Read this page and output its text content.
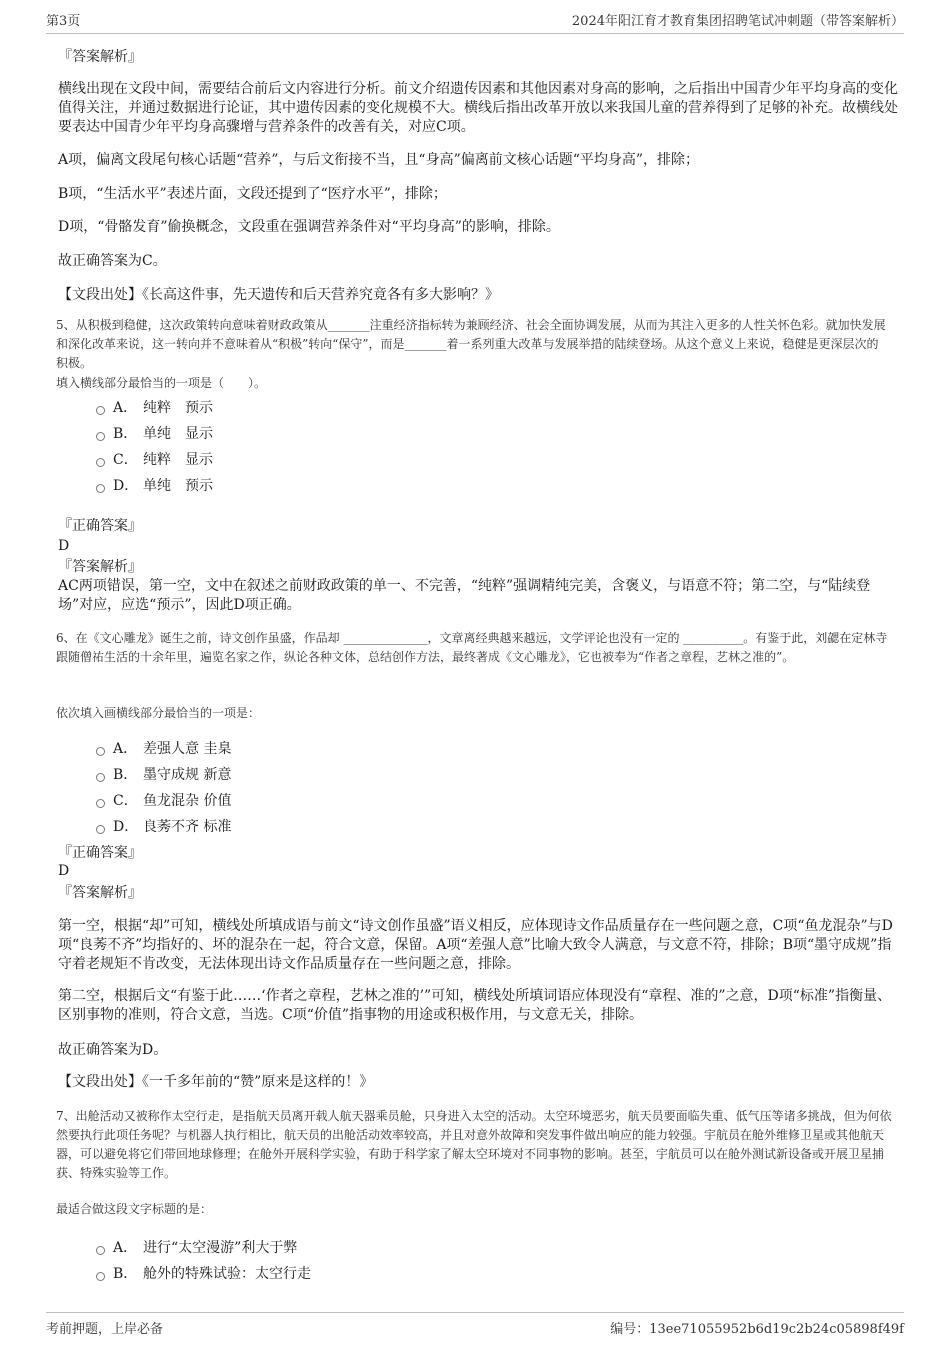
第3页	2024年阳江育才教育集团招聘笔试冲刺题（带答案解析）

『答案解析』

横线出现在文段中间，需要结合前后文内容进行分析。前文介绍遗传因素和其他因素对身高的影响，之后指出中国青少年平均身高的变化值得关注，并通过数据进行论证，其中遗传因素的变化规模不大。横线后指出改革开放以来我国儿童的营养得到了足够的补充。故横线处要表达中国青少年平均身高骤增与营养条件的改善有关，对应C项。

A项，偏离文段尾句核心话题“营养”，与后文衔接不当，且“身高”偏离前文核心话题“平均身高”，排除；

B项，“生活水平”表述片面，文段还提到了“医疗水平”，排除；

D项，“骨骼发育”偷换概念，文段重在强调营养条件对“平均身高”的影响，排除。

故正确答案为C。

【文段出处】《长高这件事，先天遗传和后天营养究竟各有多大影响？》

5、从积极到稳健，这次政策转向意味着财政政策从_______注重经济指标转为兼顾经济、社会全面协调发展，从而为其注入更多的人性关怀色彩。就加快发展和深化改革来说，这一转向并不意味着从“积极”转向“保守”，而是_______着一系列重大改革与发展举措的陆续登场。从这个意义上来说，稳健是更深层次的积极。

填入横线部分最恰当的一项是（　　）。

A． 纯粹　预示
B． 单纯　显示
C． 纯粹　显示
D． 单纯　预示

『正确答案』

D

『答案解析』

AC两项错误，第一空，文中在叙述之前财政政策的单一、不完善，“纯粹”强调精纯完美，含褒义，与语意不符；第二空，与“陆续登场”对应，应选“预示”，因此D项正确。

6、在《文心雕龙》诞生之前，诗文创作虽盛，作品却 ______________，文章离经典越来越远，文学评论也没有一定的 __________。有鉴于此，刘勰在定林寺跟随僧祐生活的十余年里，遍览名家之作，纵论各种文体，总结创作方法，最终著成《文心雕龙》，它也被奉为“作者之章程，艺林之准的”。

依次填入画横线部分最恰当的一项是：

A． 差强人意 圭臬
B． 墨守成规 新意
C． 鱼龙混杂 价值
D． 良莠不齐 标准

『正确答案』

D

『答案解析』

第一空，根据“却”可知，横线处所填成语与前文“诗文创作虽盛”语义相反，应体现诗文作品质量存在一些问题之意，C项“鱼龙混杂”与D项“良莠不齐”均指好的、坏的混杂在一起，符合文意，保留。A项“差强人意”比喻大致令人满意，与文意不符，排除；B项“墨守成规”指守着老规矩不肯改变，无法体现出诗文作品质量存在一些问题之意，排除。

第二空，根据后文“有鉴于此……‘作者之章程，艺林之准的’”可知，横线处所填词语应体现没有“章程、准的”之意，D项“标准”指衡量、区别事物的准则，符合文意，当选。C项“价值”指事物的用途或积极作用，与文意无关，排除。

故正确答案为D。

【文段出处】《一千多年前的“赞”原来是这样的！》

7、出舱活动又被称作太空行走，是指航天员离开载人航天器乘员舱，只身进入太空的活动。太空环境恶劣，航天员要面临失重、低气压等诸多挑战，但为何依然要执行此项任务呢？与机器人执行相比，航天员的出舱活动效率较高，并且对意外故障和突发事件做出响应的能力较强。宇航员在舱外维修卫星或其他航天器，可以避免将它们带回地球修理；在舱外开展科学实验，有助于科学家了解太空环境对不同事物的影响。甚至，宇航员可以在舱外测试新设备或开展卫星捕获、特殊实验等工作。

最适合做这段文字标题的是：

A． 进行“太空漫游”利大于弊
B． 舱外的特殊试验：太空行走
考前押题，上岸必备	编号：13ee71055952b6d19c2b24c05898f49f
